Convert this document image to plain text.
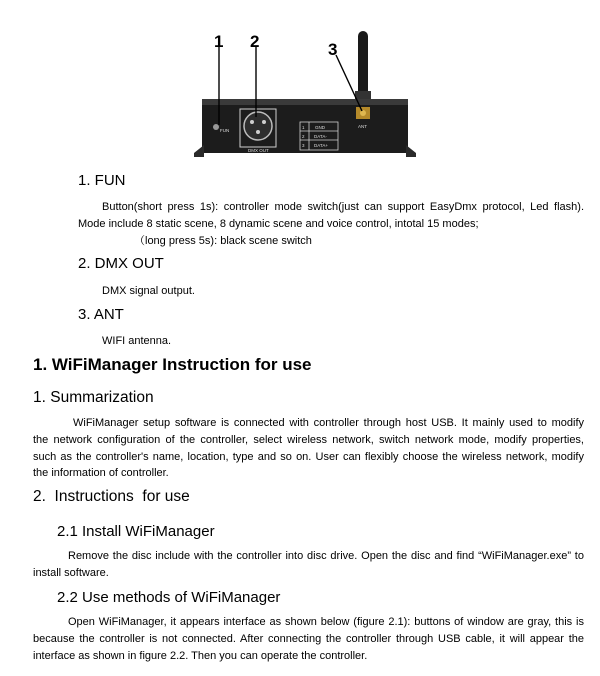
FUN
DMX OUT
1 GND
2 DATA-
3 DATA+
ANT
1 2	3
1. FUN
Button(short press 1s): controller mode switch(just can support EasyDmx protocol, Led flash).
Mode include 8 static scene, 8 dynamic scene and voice control, intotal 15 modes;
（long press 5s): black scene switch
2. DMX OUT
DMX signal output.
3. ANT
WIFI antenna.
1. WiFiManager Instruction for use
1. Summarization
WiFiManager setup software is connected with controller through host USB. It mainly used to modify
the network configuration of the controller, select wireless network, switch network mode, modify properties,
such as the controller's name, location, type and so on. User can flexibly choose the wireless network, modify
the information of controller.
2.  Instructions  for use
2.1 Install WiFiManager
Remove the disc include with the controller into disc drive. Open the disc and find “WiFiManager.exe” to
install software.
2.2 Use methods of WiFiManager
Open WiFiManager, it appears interface as shown below (figure 2.1): buttons of window are gray, this is
because the controller is not connected. After connecting the controller through USB cable, it will appear the
interface as shown in figure 2.2. Then you can operate the controller.
